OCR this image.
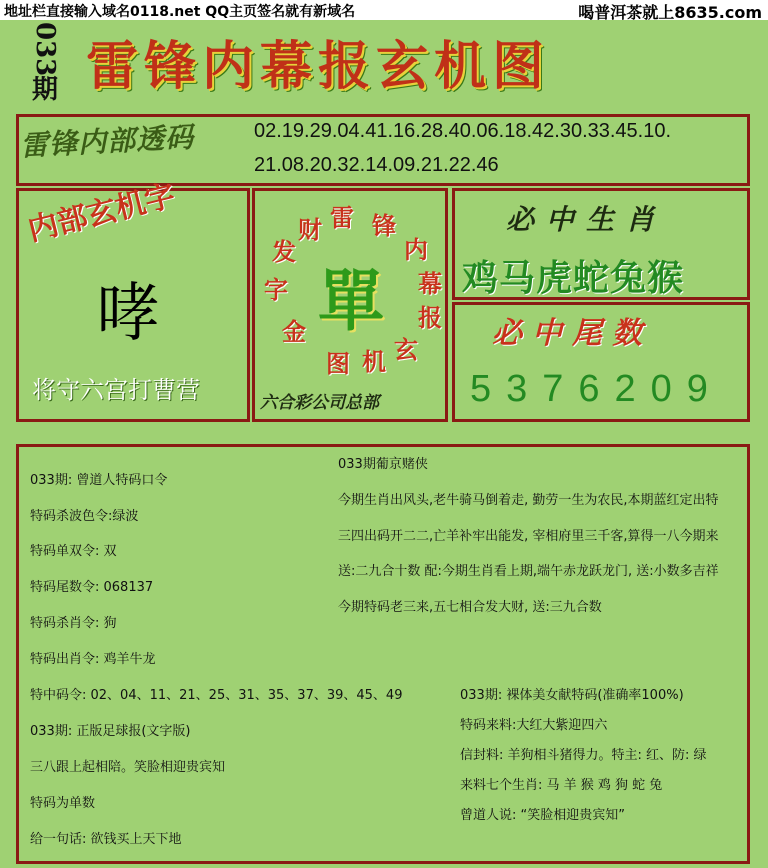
地址栏直接输入域名0118.net QQ主页签名就有新域名	喝普洱茶就上8635.com
033
期 雷锋内幕报玄机图
雷锋内部透码	02.19.29.04.41.16.28.40.06.18.42.30.33.45.10.
21.08.20.32.14.09.21.22.46
内部玄机字
哮
将守六宫打曹营
雷 锋
内
幕
报
玄
机
图
金
字
发
财
單
六合彩公司总部
必中生肖
鸡马虎蛇兔猴
必中尾数
5376209
033期: 曾道人特码口令
特码杀波色令:绿波
特码单双令: 双
特码尾数令: 068137
特码杀肖令: 狗
特码出肖令: 鸡羊牛龙
特中码令: 02、04、11、21、25、31、35、37、39、45、49
033期: 正版足球报(文字版)
三八跟上起相陪。笑脸相迎贵宾知
特码为单数
给一句话: 欲钱买上天下地
033期葡京赌侠
今期生肖出风头,老牛骑马倒着走, 勤劳一生为农民,本期蓝红定出特
三四出码开二二,亡羊补牢出能发, 宰相府里三千客,算得一八今期来
送:二九合十数 配:今期生肖看上期,端午赤龙跃龙门, 送:小数多吉祥
今期特码老三来,五七相合发大财, 送:三九合数
033期: 裸体美女献特码(准确率100%)
特码来料:大红大紫迎四六
信封料: 羊狗相斗猪得力。特主: 红、防: 绿
来料七个生肖: 马 羊 猴 鸡 狗 蛇 兔
曾道人说: “笑脸相迎贵宾知”
